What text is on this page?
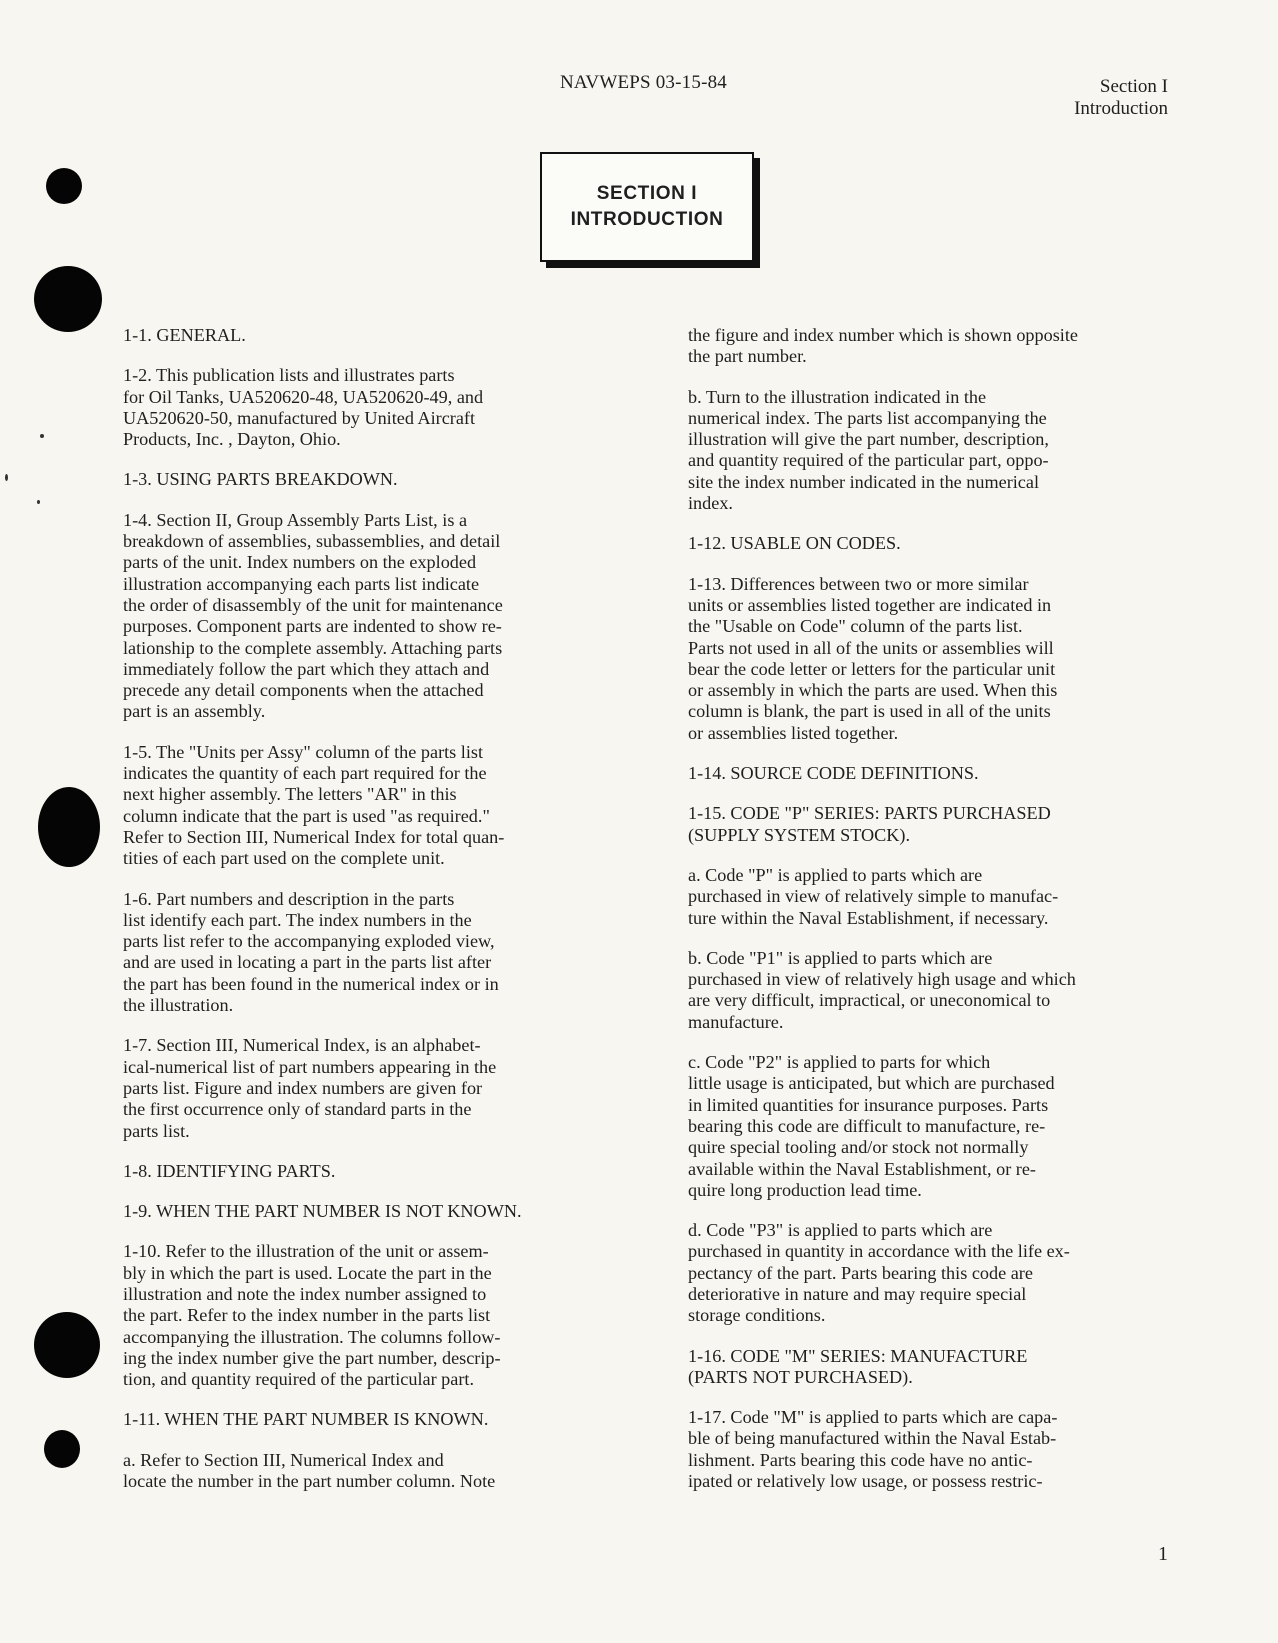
NAVWEPS 03-15-84	Section I
Introduction
SECTION I
INTRODUCTION
1-1. GENERAL.
1-2. This publication lists and illustrates parts
for Oil Tanks, UA520620-48, UA520620-49, and
UA520620-50, manufactured by United Aircraft
Products, Inc. , Dayton, Ohio.
1-3. USING PARTS BREAKDOWN.
1-4. Section II, Group Assembly Parts List, is a
breakdown of assemblies, subassemblies, and detail
parts of the unit. Index numbers on the exploded
illustration accompanying each parts list indicate
the order of disassembly of the unit for maintenance
purposes. Component parts are indented to show re-
lationship to the complete assembly. Attaching parts
immediately follow the part which they attach and
precede any detail components when the attached
part is an assembly.
1-5. The "Units per Assy" column of the parts list
indicates the quantity of each part required for the
next higher assembly. The letters "AR" in this
column indicate that the part is used "as required."
Refer to Section III, Numerical Index for total quan-
tities of each part used on the complete unit.
1-6. Part numbers and description in the parts
list identify each part. The index numbers in the
parts list refer to the accompanying exploded view,
and are used in locating a part in the parts list after
the part has been found in the numerical index or in
the illustration.
1-7. Section III, Numerical Index, is an alphabet-
ical-numerical list of part numbers appearing in the
parts list. Figure and index numbers are given for
the first occurrence only of standard parts in the
parts list.
1-8. IDENTIFYING PARTS.
1-9. WHEN THE PART NUMBER IS NOT KNOWN.
1-10. Refer to the illustration of the unit or assem-
bly in which the part is used. Locate the part in the
illustration and note the index number assigned to
the part. Refer to the index number in the parts list
accompanying the illustration. The columns follow-
ing the index number give the part number, descrip-
tion, and quantity required of the particular part.
1-11. WHEN THE PART NUMBER IS KNOWN.
a. Refer to Section III, Numerical Index and
locate the number in the part number column. Note
the figure and index number which is shown opposite
the part number.
b. Turn to the illustration indicated in the
numerical index. The parts list accompanying the
illustration will give the part number, description,
and quantity required of the particular part, oppo-
site the index number indicated in the numerical
index.
1-12. USABLE ON CODES.
1-13. Differences between two or more similar
units or assemblies listed together are indicated in
the "Usable on Code" column of the parts list.
Parts not used in all of the units or assemblies will
bear the code letter or letters for the particular unit
or assembly in which the parts are used. When this
column is blank, the part is used in all of the units
or assemblies listed together.
1-14. SOURCE CODE DEFINITIONS.
1-15. CODE "P" SERIES: PARTS PURCHASED
(SUPPLY SYSTEM STOCK).
a. Code "P" is applied to parts which are
purchased in view of relatively simple to manufac-
ture within the Naval Establishment, if necessary.
b. Code "P1" is applied to parts which are
purchased in view of relatively high usage and which
are very difficult, impractical, or uneconomical to
manufacture.
c. Code "P2" is applied to parts for which
little usage is anticipated, but which are purchased
in limited quantities for insurance purposes. Parts
bearing this code are difficult to manufacture, re-
quire special tooling and/or stock not normally
available within the Naval Establishment, or re-
quire long production lead time.
d. Code "P3" is applied to parts which are
purchased in quantity in accordance with the life ex-
pectancy of the part. Parts bearing this code are
deteriorative in nature and may require special
storage conditions.
1-16. CODE "M" SERIES: MANUFACTURE
(PARTS NOT PURCHASED).
1-17. Code "M" is applied to parts which are capa-
ble of being manufactured within the Naval Estab-
lishment. Parts bearing this code have no antic-
ipated or relatively low usage, or possess restric-
1
